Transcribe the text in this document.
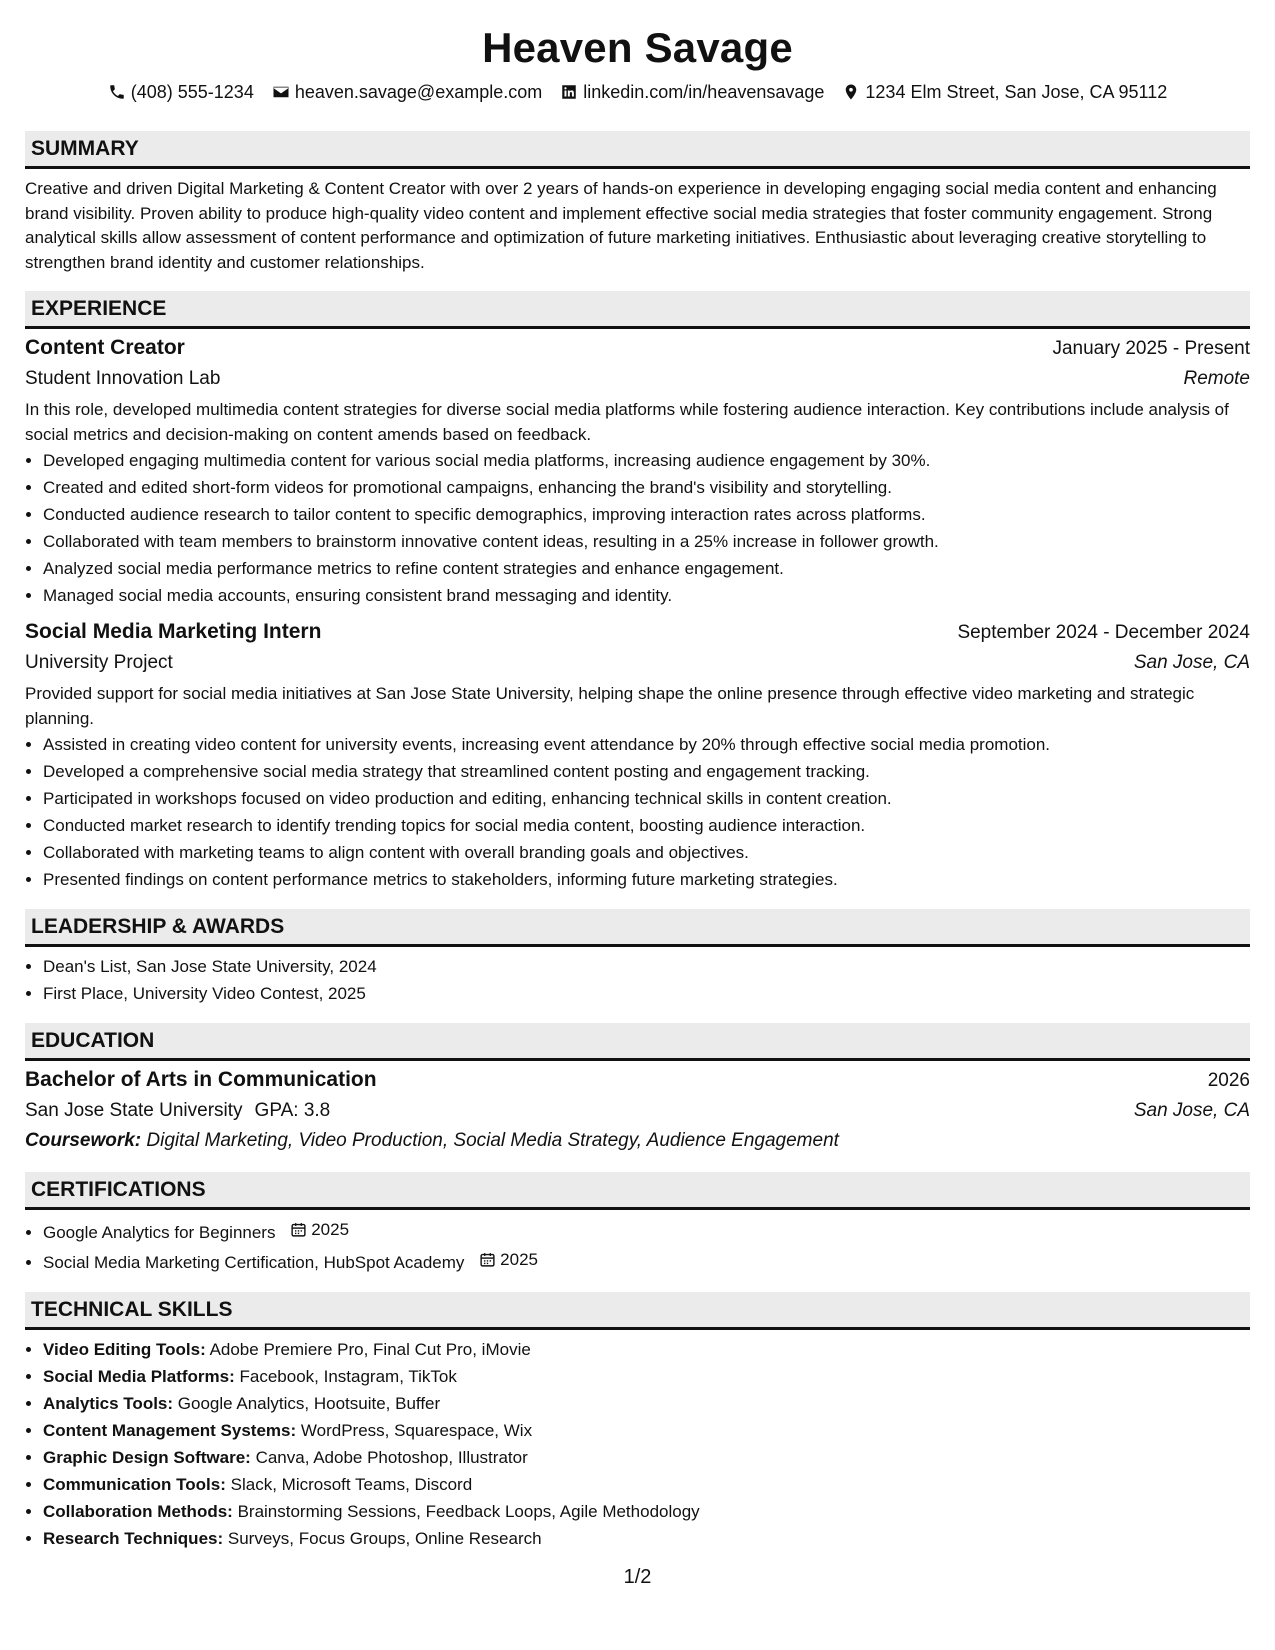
Heaven Savage
(408) 555-1234 heaven.savage@example.com linkedin.com/in/heavensavage 1234 Elm Street, San Jose, CA 95112
SUMMARY

Creative and driven Digital Marketing & Content Creator with over 2 years of hands-on experience in developing engaging social media content and enhancing brand visibility. Proven ability to produce high-quality video content and implement effective social media strategies that foster community engagement. Strong analytical skills allow assessment of content performance and optimization of future marketing initiatives. Enthusiastic about leveraging creative storytelling to strengthen brand identity and customer relationships.

EXPERIENCE
Content Creator	January 2025 - Present
Student Innovation Lab	Remote
In this role, developed multimedia content strategies for diverse social media platforms while fostering audience interaction. Key contributions include analysis of social metrics and decision-making on content amends based on feedback.
• Developed engaging multimedia content for various social media platforms, increasing audience engagement by 30%.
• Created and edited short-form videos for promotional campaigns, enhancing the brand's visibility and storytelling.
• Conducted audience research to tailor content to specific demographics, improving interaction rates across platforms.
• Collaborated with team members to brainstorm innovative content ideas, resulting in a 25% increase in follower growth.
• Analyzed social media performance metrics to refine content strategies and enhance engagement.
• Managed social media accounts, ensuring consistent brand messaging and identity.
Social Media Marketing Intern	September 2024 - December 2024
University Project	San Jose, CA
Provided support for social media initiatives at San Jose State University, helping shape the online presence through effective video marketing and strategic planning.
• Assisted in creating video content for university events, increasing event attendance by 20% through effective social media promotion.
• Developed a comprehensive social media strategy that streamlined content posting and engagement tracking.
• Participated in workshops focused on video production and editing, enhancing technical skills in content creation.
• Conducted market research to identify trending topics for social media content, boosting audience interaction.
• Collaborated with marketing teams to align content with overall branding goals and objectives.
• Presented findings on content performance metrics to stakeholders, informing future marketing strategies.
LEADERSHIP & AWARDS
• Dean's List, San Jose State University, 2024
• First Place, University Video Contest, 2025
EDUCATION
Bachelor of Arts in Communication	2026
San Jose State University GPA: 3.8	San Jose, CA
Coursework: Digital Marketing, Video Production, Social Media Strategy, Audience Engagement
CERTIFICATIONS
• Google Analytics for Beginners 2025
• Social Media Marketing Certification, HubSpot Academy 2025
TECHNICAL SKILLS
• Video Editing Tools: Adobe Premiere Pro, Final Cut Pro, iMovie
• Social Media Platforms: Facebook, Instagram, TikTok
• Analytics Tools: Google Analytics, Hootsuite, Buffer
• Content Management Systems: WordPress, Squarespace, Wix
• Graphic Design Software: Canva, Adobe Photoshop, Illustrator
• Communication Tools: Slack, Microsoft Teams, Discord
• Collaboration Methods: Brainstorming Sessions, Feedback Loops, Agile Methodology
• Research Techniques: Surveys, Focus Groups, Online Research
1/2
